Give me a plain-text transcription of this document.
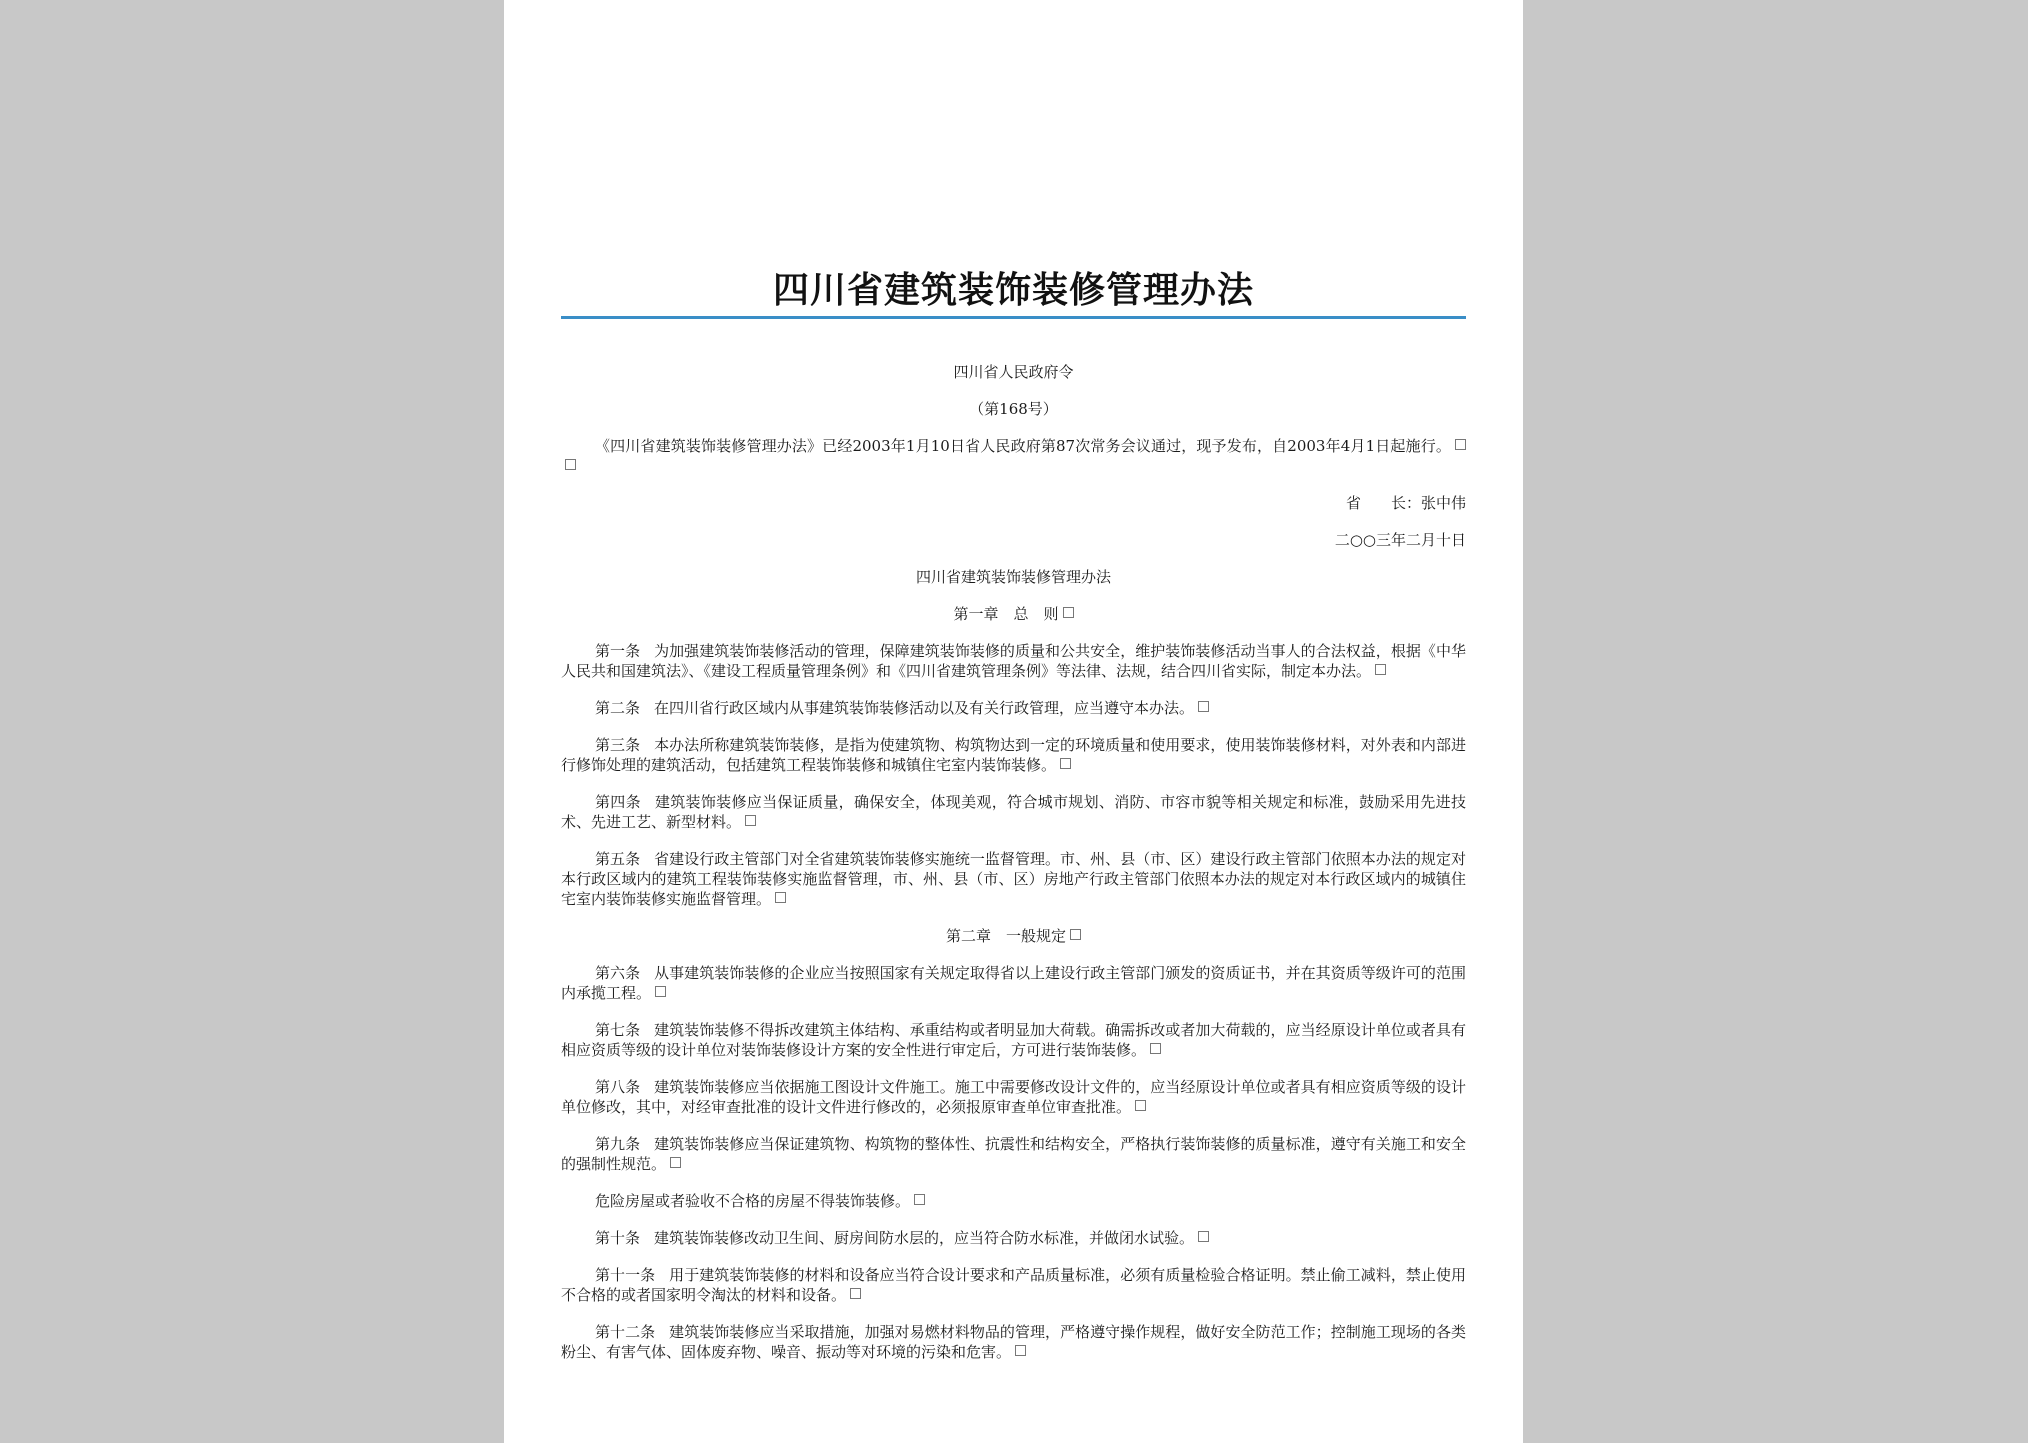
四川省建筑装饰装修管理办法

四川省人民政府令

（第168号）

《四川省建筑装饰装修管理办法》已经2003年1月10日省人民政府第87次常务会议通过，现予发布，自2003年4月1日起施行。

省　　长：张中伟

二○○三年二月十日

四川省建筑装饰装修管理办法

第一章　总　则

第一条 为加强建筑装饰装修活动的管理，保障建筑装饰装修的质量和公共安全，维护装饰装修活动当事人的合法权益，根据《中华人民共和国建筑法》、《建设工程质量管理条例》和《四川省建筑管理条例》等法律、法规，结合四川省实际，制定本办法。

第二条 在四川省行政区域内从事建筑装饰装修活动以及有关行政管理，应当遵守本办法。

第三条 本办法所称建筑装饰装修，是指为使建筑物、构筑物达到一定的环境质量和使用要求，使用装饰装修材料，对外表和内部进行修饰处理的建筑活动，包括建筑工程装饰装修和城镇住宅室内装饰装修。

第四条 建筑装饰装修应当保证质量，确保安全，体现美观，符合城市规划、消防、市容市貌等相关规定和标准，鼓励采用先进技术、先进工艺、新型材料。

第五条 省建设行政主管部门对全省建筑装饰装修实施统一监督管理。市、州、县（市、区）建设行政主管部门依照本办法的规定对本行政区域内的建筑工程装饰装修实施监督管理，市、州、县（市、区）房地产行政主管部门依照本办法的规定对本行政区域内的城镇住宅室内装饰装修实施监督管理。

第二章　一般规定

第六条 从事建筑装饰装修的企业应当按照国家有关规定取得省以上建设行政主管部门颁发的资质证书，并在其资质等级许可的范围内承揽工程。

第七条 建筑装饰装修不得拆改建筑主体结构、承重结构或者明显加大荷载。确需拆改或者加大荷载的，应当经原设计单位或者具有相应资质等级的设计单位对装饰装修设计方案的安全性进行审定后，方可进行装饰装修。

第八条 建筑装饰装修应当依据施工图设计文件施工。施工中需要修改设计文件的，应当经原设计单位或者具有相应资质等级的设计单位修改，其中，对经审查批准的设计文件进行修改的，必须报原审查单位审查批准。

第九条 建筑装饰装修应当保证建筑物、构筑物的整体性、抗震性和结构安全，严格执行装饰装修的质量标准，遵守有关施工和安全的强制性规范。

危险房屋或者验收不合格的房屋不得装饰装修。

第十条 建筑装饰装修改动卫生间、厨房间防水层的，应当符合防水标准，并做闭水试验。

第十一条 用于建筑装饰装修的材料和设备应当符合设计要求和产品质量标准，必须有质量检验合格证明。禁止偷工减料，禁止使用不合格的或者国家明令淘汰的材料和设备。

第十二条 建筑装饰装修应当采取措施，加强对易燃材料物品的管理，严格遵守操作规程，做好安全防范工作；控制施工现场的各类粉尘、有害气体、固体废弃物、噪音、振动等对环境的污染和危害。
